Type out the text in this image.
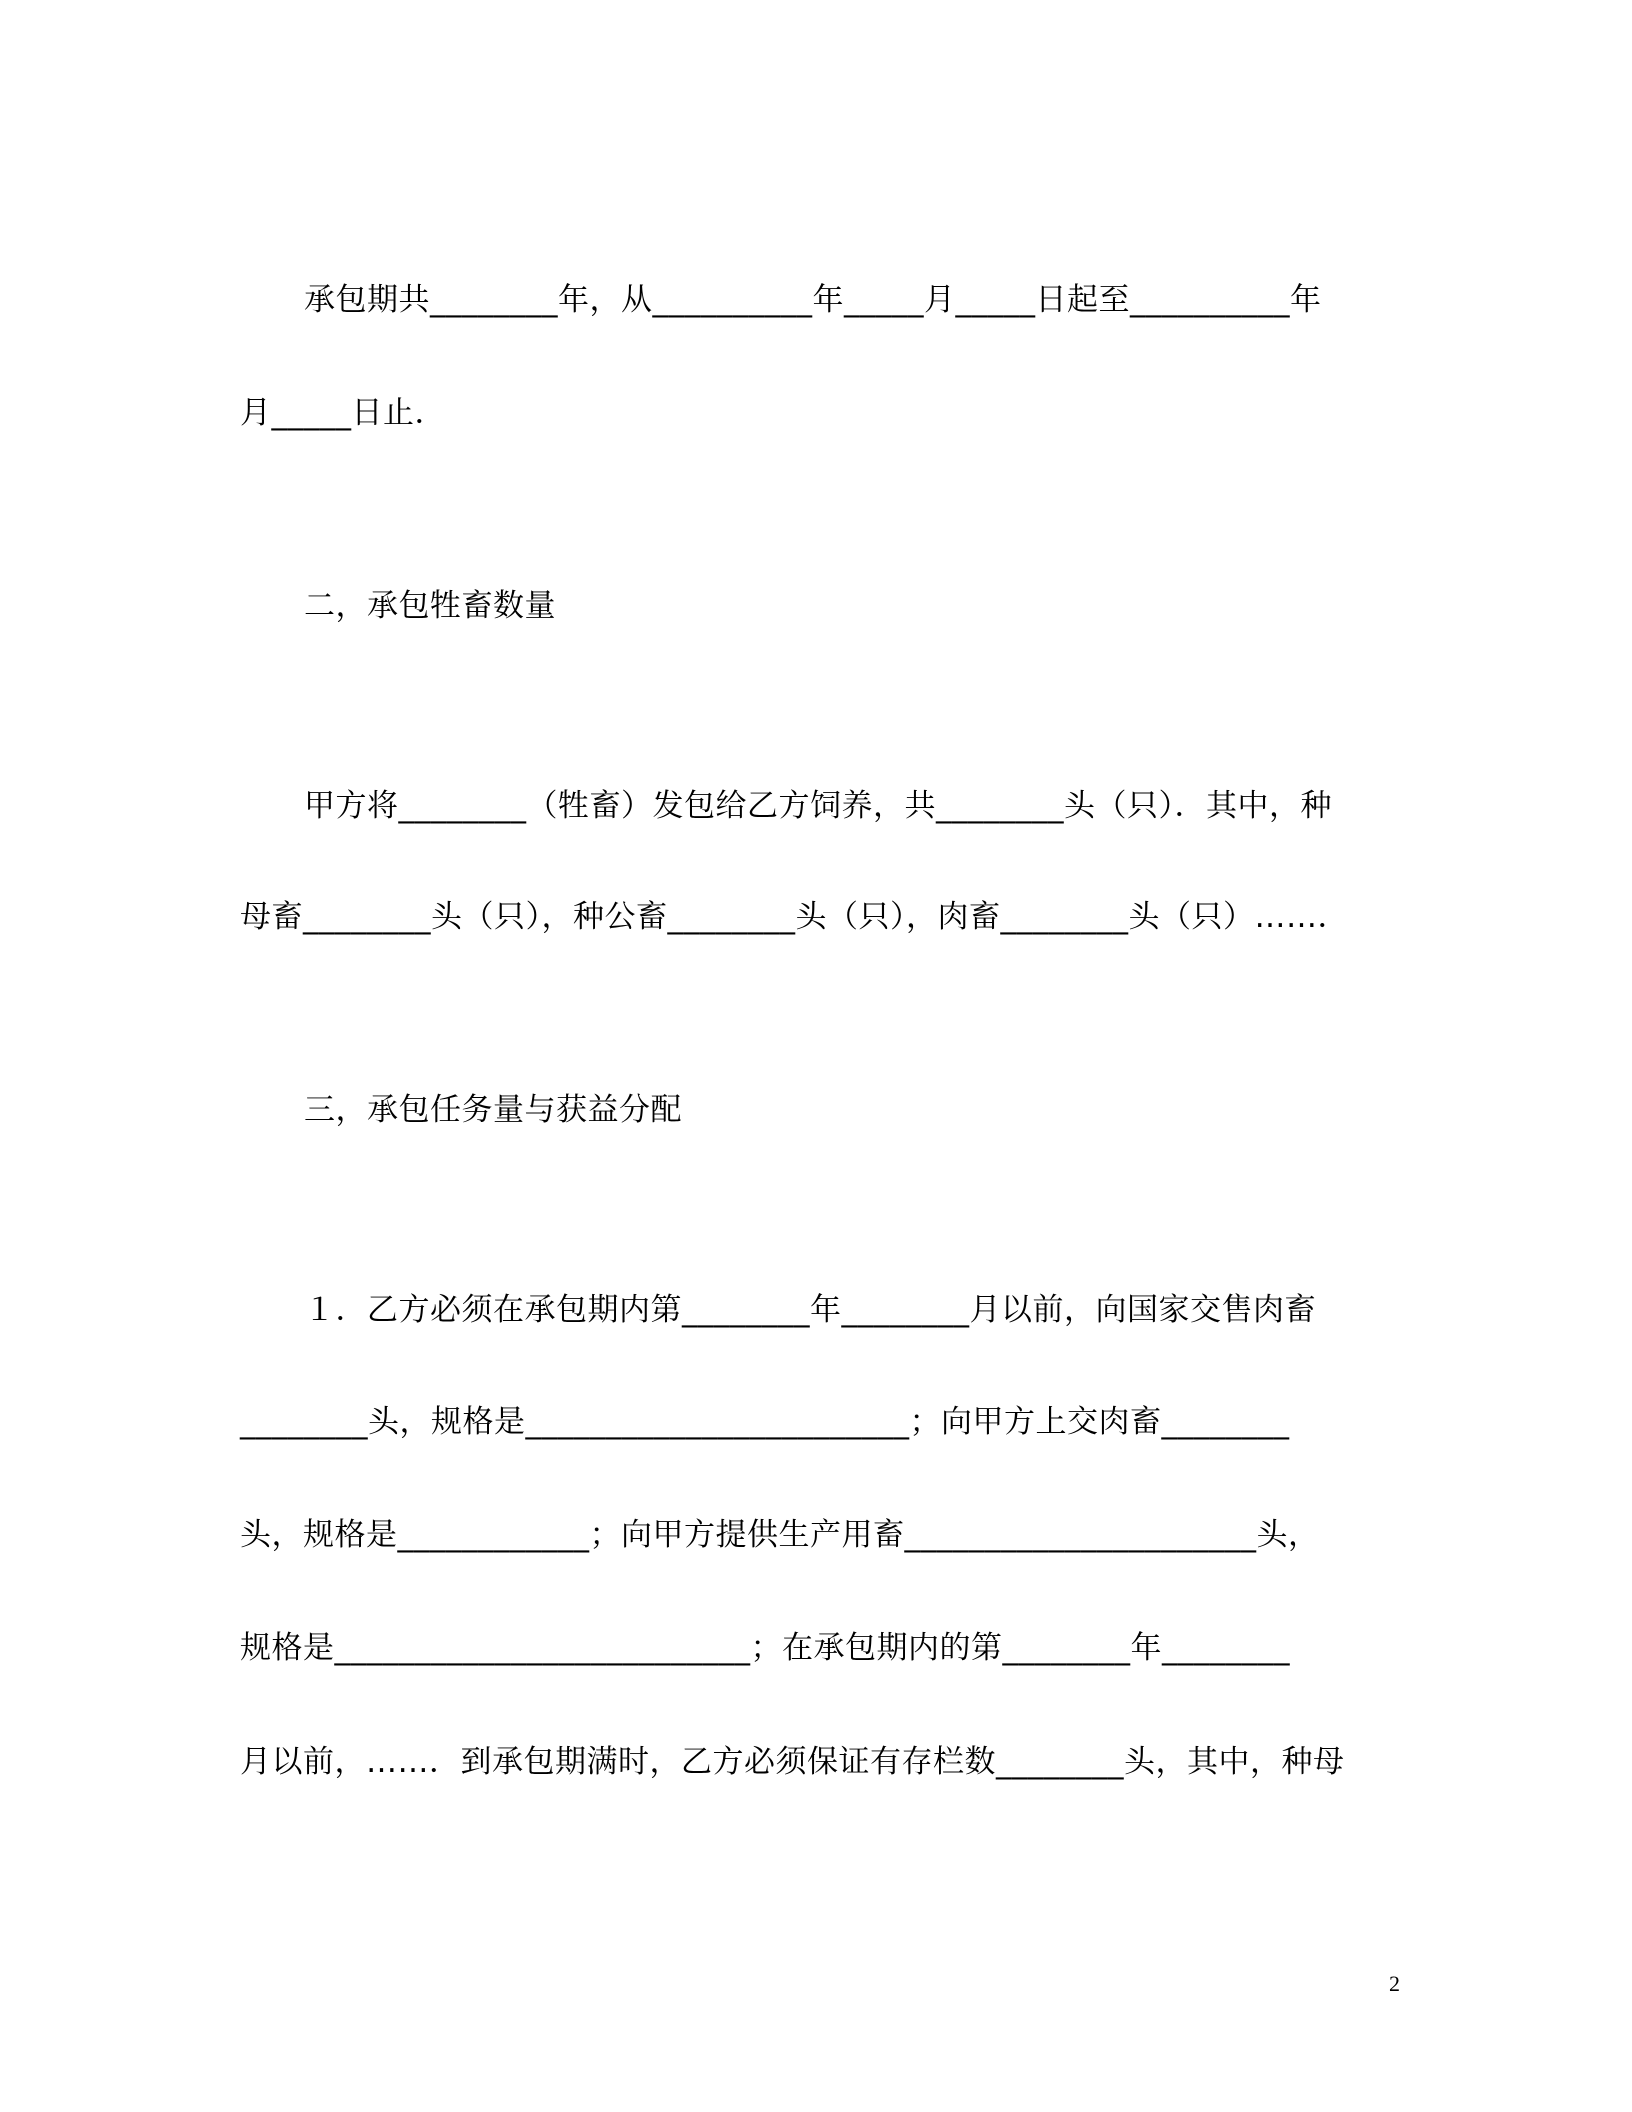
承包期共________年，从__________年_____月_____日起至__________年
月_____日止．
二，承包牲畜数量
甲方将________（牲畜）发包给乙方饲养，共________头（只）．其中，种
母畜________头（只），种公畜________头（只），肉畜________头（只）……．
三，承包任务量与获益分配
１．乙方必须在承包期内第________年________月以前，向国家交售肉畜
________头，规格是________________________；向甲方上交肉畜________
头，规格是____________；向甲方提供生产用畜______________________头，
规格是__________________________；在承包期内的第________年________
月以前，……．到承包期满时，乙方必须保证有存栏数________头，其中，种母
2
